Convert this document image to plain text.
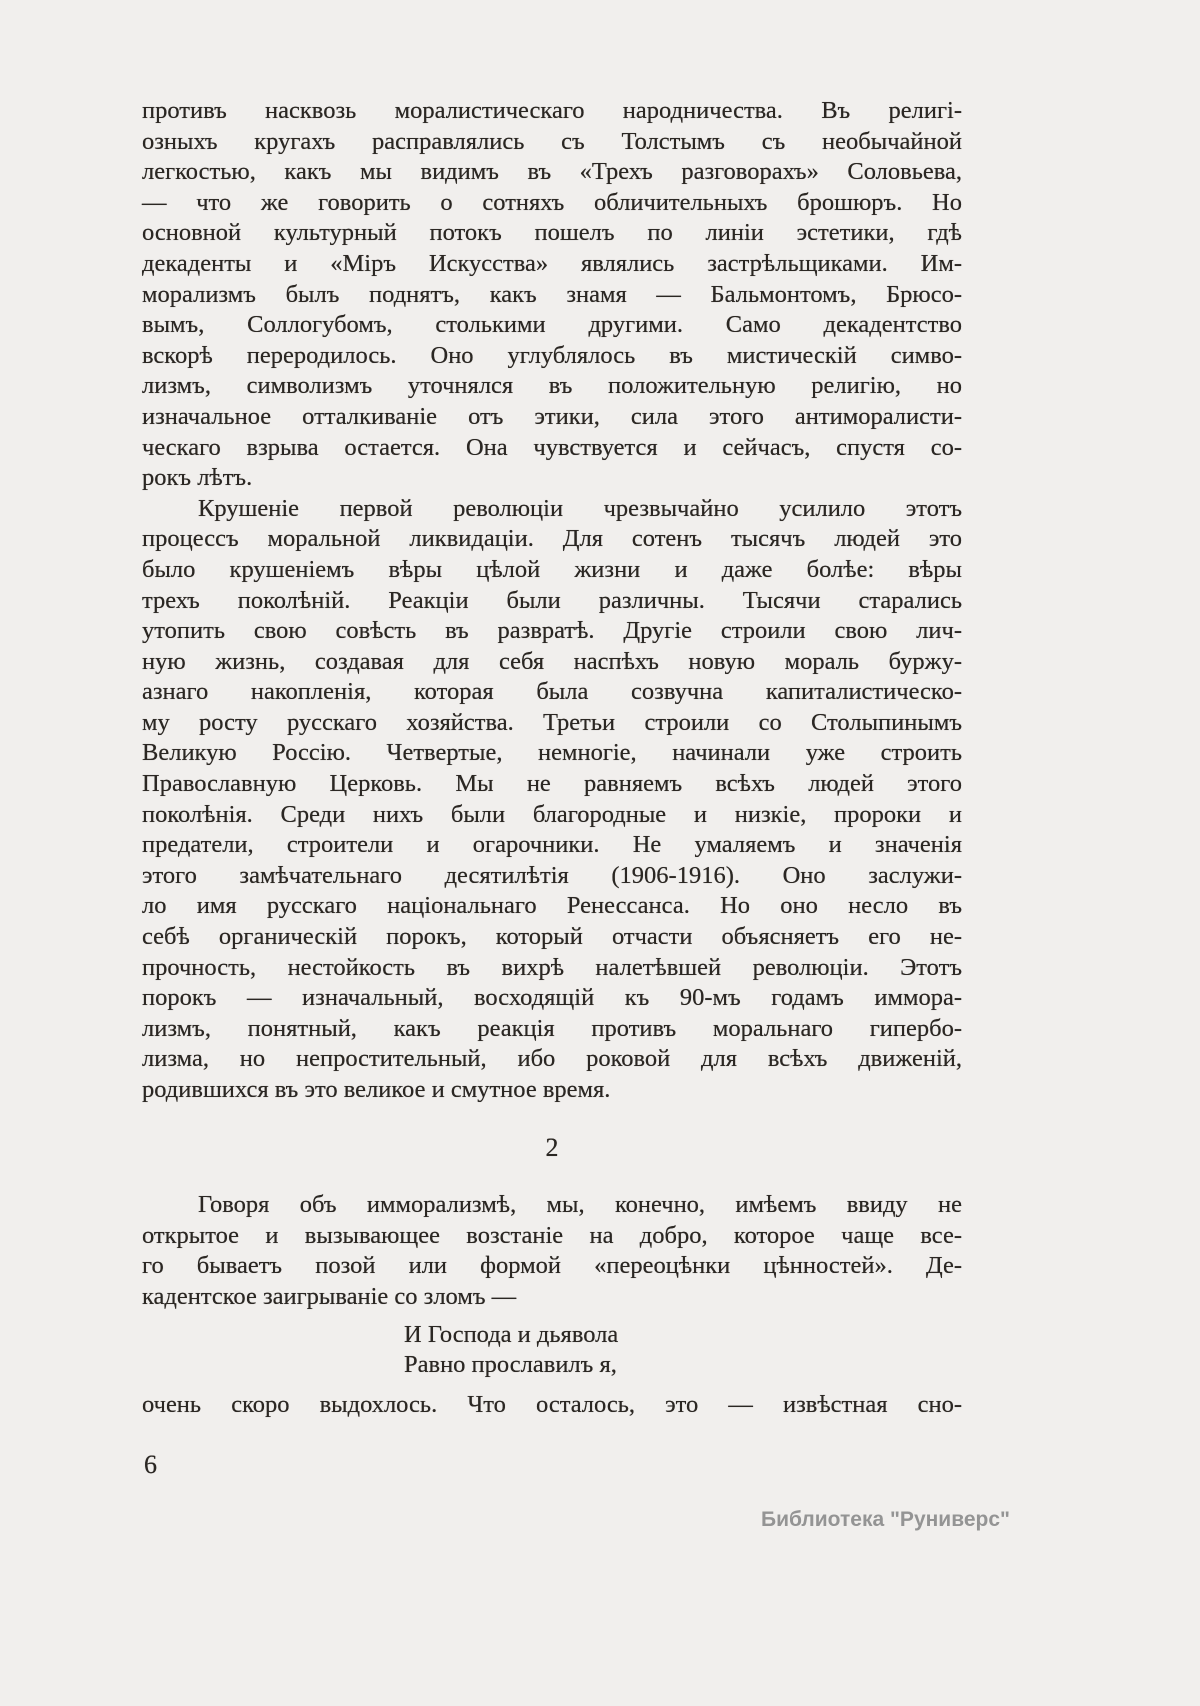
противъ насквозь моралистическаго народничества. Въ религі-
озныхъ кругахъ расправлялись съ Толстымъ съ необычайной
легкостью, какъ мы видимъ въ «Трехъ разговорахъ» Соловьева,
— что же говорить о сотняхъ обличительныхъ брошюръ. Но
основной культурный потокъ пошелъ по линіи эстетики, гдѣ
декаденты и «Міръ Искусства» являлись застрѣльщиками. Им-
морализмъ былъ поднятъ, какъ знамя — Бальмонтомъ, Брюсо-
вымъ, Соллогубомъ, столькими другими. Само декадентство
вскорѣ переродилось. Оно углублялось въ мистическій симво-
лизмъ, символизмъ уточнялся въ положительную религію, но
изначальное отталкиваніе отъ этики, сила этого антиморалисти-
ческаго взрыва остается. Она чувствуется и сейчасъ, спустя со-
рокъ лѣтъ.
Крушеніе первой революціи чрезвычайно усилило этотъ
процессъ моральной ликвидаціи. Для сотенъ тысячъ людей это
было крушеніемъ вѣры цѣлой жизни и даже болѣе: вѣры
трехъ поколѣній. Реакціи были различны. Тысячи старались
утопить свою совѣсть въ развратѣ. Другіе строили свою лич-
ную жизнь, создавая для себя наспѣхъ новую мораль буржу-
азнаго накопленія, которая была созвучна капиталистическо-
му росту русскаго хозяйства. Третьи строили со Столыпинымъ
Великую Россію. Четвертые, немногіе, начинали уже строить
Православную Церковь. Мы не равняемъ всѣхъ людей этого
поколѣнія. Среди нихъ были благородные и низкіе, пророки и
предатели, строители и огарочники. Не умаляемъ и значенія
этого замѣчательнаго десятилѣтія (1906-1916). Оно заслужи-
ло имя русскаго національнаго Ренессанса. Но оно несло въ
себѣ органическій порокъ, который отчасти объясняетъ его не-
прочность, нестойкость въ вихрѣ налетѣвшей революціи. Этотъ
порокъ — изначальный, восходящій къ 90-мъ годамъ иммора-
лизмъ, понятный, какъ реакція противъ моральнаго гипербо-
лизма, но непростительный, ибо роковой для всѣхъ движеній,
родившихся въ это великое и смутное время.
2
Говоря объ имморализмѣ, мы, конечно, имѣемъ ввиду не
открытое и вызывающее возстаніе на добро, которое чаще все-
го бываетъ позой или формой «переоцѣнки цѣнностей». Де-
кадентское заигрываніе со зломъ —
И Господа и дьявола
Равно прославилъ я,
очень скоро выдохлось. Что осталось, это — извѣстная сно-
6
Библиотека "Руниверс"
